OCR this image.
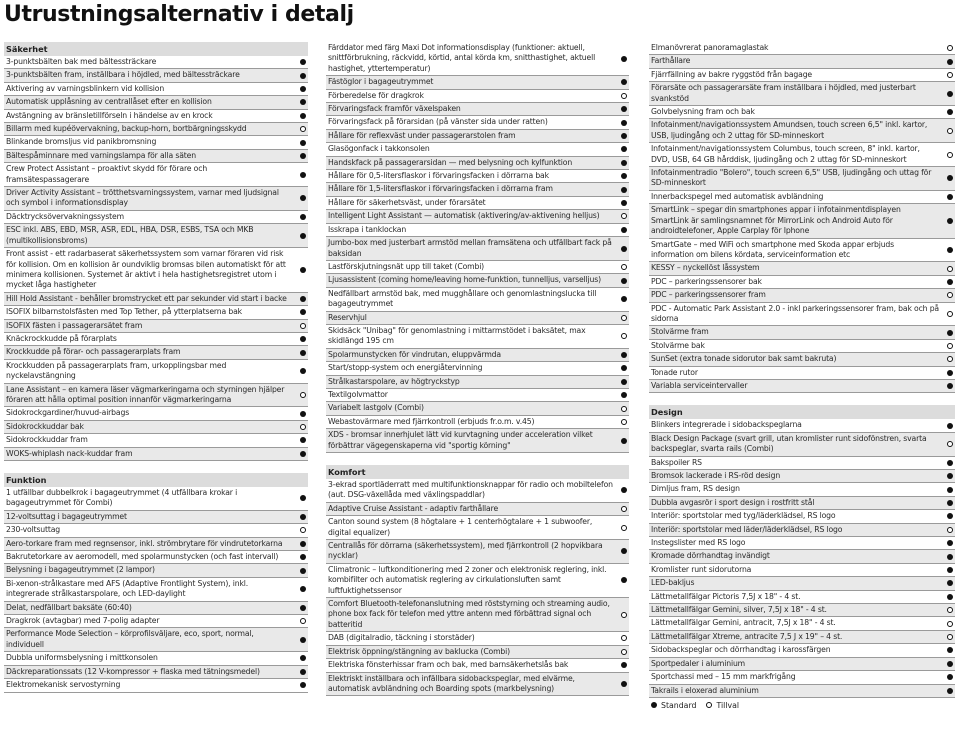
Utrustningsalternativ i detalj
Säkerhet
3-punktsbälten bak med bältessträckare
3-punktsbälten fram, inställbara i höjdled, med bältessträckare
Aktivering av varningsblinkern vid kollision
Automatisk upplåsning av centrallåset efter en kollision
Avstängning av bränsletillförseln i händelse av en krock
Billarm med kupéövervakning, backup-horn, bortbärgningsskydd
Blinkande bromsljus vid panikbromsning
Bältespåminnare med varningslampa för alla säten
Crew Protect Assistant – proaktivt skydd för förare och framsätespassagerare
Driver Activity Assistant – trötthetsvarningssystem, varnar med ljudsignal och symbol i informationsdisplay
Däcktrycksövervakningssystem
ESC inkl. ABS, EBD, MSR, ASR, EDL, HBA, DSR, ESBS, TSA och MKB (multikollisionsbroms)
Front assist - ett radarbaserat säkerhetssystem som varnar föraren vid risk för kollision. Om en kollision är oundviklig bromsas bilen automatiskt för att minimera kollisionen. Systemet är aktivt i hela hastighetsregistret utom i mycket låga hastigheter
Hill Hold Assistant - behåller bromstrycket ett par sekunder vid start i backe
ISOFIX bilbarnstolsfästen med Top Tether, på ytterplatserna bak
ISOFIX fästen i passagerarsätet fram
Knäckrockkudde på förarplats
Krockkudde på förar- och passagerarplats fram
Krockkudden på passagerarplats fram, urkopplingsbar med nyckelavstängning
Lane Assistant – en kamera läser vägmarkeringarna och styrningen hjälper föraren att hålla optimal position innanför vägmarkeringarna
Sidokrockgardiner/huvud-airbags
Sidokrockkuddar bak
Sidokrockkuddar fram
WOKS-whiplash nack-kuddar fram
Funktion
1 utfällbar dubbelkrok i bagageutrymmet (4 utfällbara krokar i bagageutrymmet för Combi)
12-voltsuttag i bagageutrymmet
230-voltsuttag
Aero-torkare fram med regnsensor, inkl. strömbrytare för vindrutetorkarna
Bakrutetorkare av aeromodell, med spolarmunstycken (och fast intervall)
Belysning i bagageutrymmet (2 lampor)
Bi-xenon-strålkastare med AFS (Adaptive Frontlight System), inkl. integrerade strålkastarspolare, och LED-daylight
Delat, nedfällbart baksäte (60:40)
Dragkrok (avtagbar) med 7-polig adapter
Performance Mode Selection – körprofilsväljare, eco, sport, normal, individuell
Dubbla uniformsbelysning i mittkonsolen
Däckreparationssats (12 V-kompressor + flaska med tätningsmedel)
Elektromekanisk servostyrning
Färddator med färg Maxi Dot informationsdisplay (funktioner: aktuell, snittförbrukning, räckvidd, körtid, antal körda km, snitthastighet, aktuell hastighet, yttertemperatur)
Fästöglor i bagageutrymmet
Förberedelse för dragkrok
Förvaringsfack framför växelspaken
Förvaringsfack på förarsidan (på vänster sida under ratten)
Hållare för reflexväst under passagerarstolen fram
Glasögonfack i takkonsolen
Handskfack på passagerarsidan — med belysning och kylfunktion
Hållare för 0,5-litersflaskor i förvaringsfacken i dörrarna bak
Hållare för 1,5-litersflaskor i förvaringsfacken i dörrarna fram
Hållare för säkerhetsväst, under förarsätet
Intelligent Light Assistant — automatisk (aktivering/av-aktivening helljus)
Isskrapa i tanklockan
Jumbo-box med justerbart armstöd mellan framsätena och utfällbart fack på baksidan
Lastförskjutningsnät upp till taket (Combi)
Ljusassistent (coming home/leaving home-funktion, tunnelljus, varselljus)
Nedfällbart armstöd bak, med mugghållare och genomlastningslucka till bagageutrymmet
Reservhjul
Skidsäck "Unibag" för genomlastning i mittarmstödet i baksätet, max skidlängd 195 cm
Spolarmunstycken för vindrutan, eluppvärmda
Start/stopp-system och energiåtervinning
Strålkastarspolare, av högtryckstyp
Textilgolvmattor
Variabelt lastgolv (Combi)
Webastovärmare med fjärrkontroll (erbjuds fr.o.m. v.45)
XDS - bromsar innerhjulet lätt vid kurvtagning under acceleration vilket förbättrar vägegenskaperna vid "sportig körning"
Komfort
3-ekrad sportläderratt med multifunktionsknappar för radio och mobiltelefon (aut. DSG-växellåda med växlingspaddlar)
Adaptive Cruise Assistant - adaptiv farthållare
Canton sound system (8 högtalare + 1 centerhögtalare + 1 subwoofer, digital equalizer)
Centrallås för dörrarna (säkerhetssystem), med fjärrkontroll (2 hopvikbara nycklar)
Climatronic – luftkonditionering med 2 zoner och elektronisk reglering, inkl. kombifilter och automatisk reglering av cirkulationsluften samt luftfuktighetssensor
Comfort Bluetooth-telefonanslutning med röststyrning och streaming audio, phone box fack för telefon med yttre antenn med förbättrad signal och batteritid
DAB (digitalradio, täckning i storstäder)
Elektrisk öppning/stängning av bakluckа (Combi)
Elektriska fönsterhissar fram och bak, med barnsäkerhetslås bak
Elektriskt inställbara och infällbara sidobackspeglar, med elvärme, automatisk avbländning och Boarding spots (markbelysning)
Elmanövrerat panoramaglastak
Farthållare
Fjärrfällning av bakre ryggstöd från bagage
Förarsäte och passagerarsäte fram inställbara i höjdled, med justerbart svankstöd
Golvbelysning fram och bak
Infotainment/navigationssystem Amundsen, touch screen 6,5" inkl. kartor, USB, ljudingång och 2 uttag för SD-minneskort
Infotainment/navigationssystem Columbus, touch screen, 8" inkl. kartor, DVD, USB, 64 GB hårddisk, ljudingång och 2 uttag för SD-minneskort
Infotainmentradio "Bolero", touch screen 6,5" USB, ljudingång och uttag för SD-minneskort
Innerbackspegel med automatisk avbländning
SmartLink – spegar din smartphones appar i infotainmentdisplayen SmartLink är samlingsnamnet för MirrorLink och Android Auto för androidtelefoner, Apple Carplay för Iphone
SmartGate – med WiFi och smartphone med Skoda appar erbjuds information om bilens kördata, serviceinformation etc
KESSY – nyckellöst låssystem
PDC – parkeringssensorer bak
PDC – parkeringssensorer fram
PDC - Automatic Park Assistant 2.0 - inkl parkeringssensorer fram, bak och på sidorna
Stolvärme fram
Stolvärme bak
SunSet (extra tonade sidorutor bak samt bakruta)
Tonade rutor
Variabla serviceintervaller
Design
Blinkers integrerade i sidobackspeglarna
Black Design Package (svart grill, utan kromlister runt sidofönstren, svarta backspeglar, svarta rails (Combi)
Bakspoiler RS
Bromsok lackerade i RS-röd design
Dimljus fram, RS design
Dubbla avgasrör i sport design i rostfritt stål
Interiör: sportstolar med tyg/läderklädsel, RS logo
Interiör: sportstolar med läder/läderklädsel, RS logo
Instegslister med RS logo
Kromade dörrhandtag invändigt
Kromlister runt sidorutorna
LED-baklјus
Lättmetallfälgar Pictoris 7,5J x 18" - 4 st.
Lättmetallfälgar Gemini, silver, 7,5J x 18" - 4 st.
Lättmetallfälgar Gemini, antracit, 7,5J x 18" - 4 st.
Lättmetallfälgar Xtreme, antracite 7,5 J x 19" – 4 st.
Sidobackspeglar och dörrhandtag i karossfärgen
Sportpedaler i aluminium
Sportchassi med – 15 mm markfrigång
Takrails i eloxerad aluminium
Standard	Tillval
